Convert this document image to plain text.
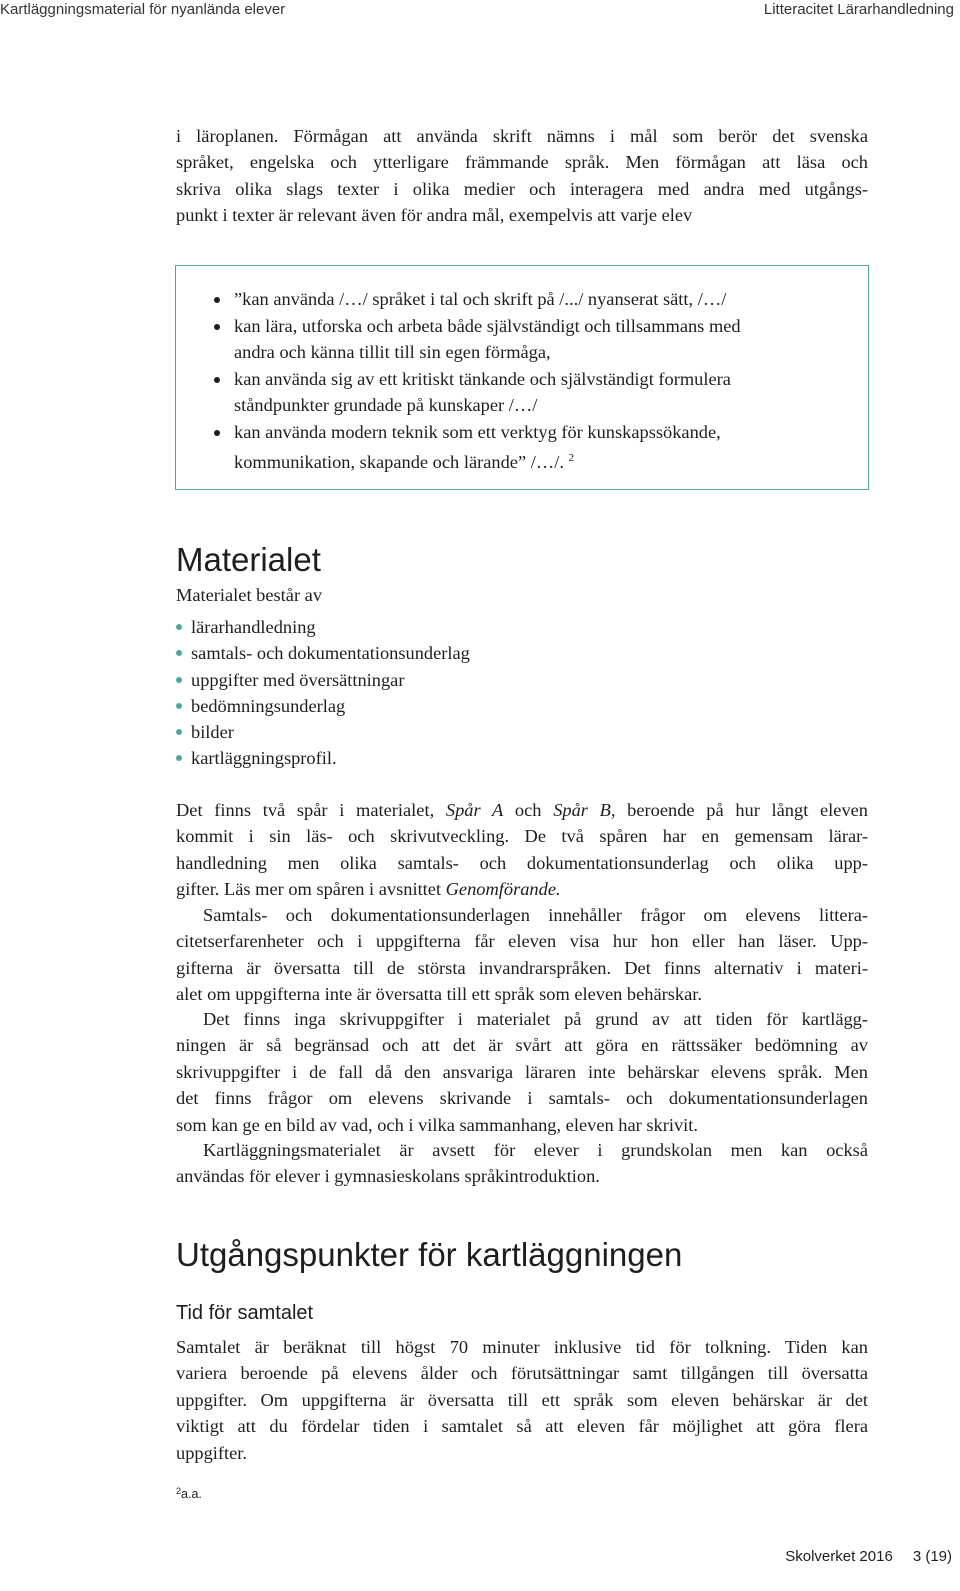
Kartläggningsmaterial för nyanlända elever	Litteracitet Lärarhandledning
i läroplanen. Förmågan att använda skrift nämns i mål som berör det svenska
språket, engelska och ytterligare främmande språk. Men förmågan att läsa och
skriva olika slags texter i olika medier och interagera med andra med utgångs-
punkt i texter är relevant även för andra mål, exempelvis att varje elev
”kan använda /…/ språket i tal och skrift på /.../ nyanserat sätt, /…/
kan lära, utforska och arbeta både självständigt och tillsammans med
andra och känna tillit till sin egen förmåga,
kan använda sig av ett kritiskt tänkande och självständigt formulera
ståndpunkter grundade på kunskaper /…/
kan använda modern teknik som ett verktyg för kunskapssökande,
kommunikation, skapande och lärande” /…/. $^2$
Materialet
Materialet består av
lärarhandledning
samtals- och dokumentationsunderlag
uppgifter med översättningar
bedömningsunderlag
bilder
kartläggningsprofil.
Det finns två spår i materialet, Spår A och Spår B, beroende på hur långt eleven
kommit i sin läs- och skrivutveckling. De två spåren har en gemensam lärar-
handledning men olika samtals- och dokumentationsunderlag och olika upp-
gifter. Läs mer om spåren i avsnittet Genomförande.
Samtals- och dokumentationsunderlagen innehåller frågor om elevens littera-
citetserfarenheter och i uppgifterna får eleven visa hur hon eller han läser. Upp-
gifterna är översatta till de största invandrarspråken. Det finns alternativ i materi-
alet om uppgifterna inte är översatta till ett språk som eleven behärskar.
Det finns inga skrivuppgifter i materialet på grund av att tiden för kartlägg-
ningen är så begränsad och att det är svårt att göra en rättssäker bedömning av
skrivuppgifter i de fall då den ansvariga läraren inte behärskar elevens språk. Men
det finns frågor om elevens skrivande i samtals- och dokumentationsunderlagen
som kan ge en bild av vad, och i vilka sammanhang, eleven har skrivit.
Kartläggningsmaterialet är avsett för elever i grundskolan men kan också
användas för elever i gymnasieskolans språkintroduktion.
Utgångspunkter för kartläggningen
Tid för samtalet
Samtalet är beräknat till högst 70 minuter inklusive tid för tolkning. Tiden kan
variera beroende på elevens ålder och förutsättningar samt tillgången till översatta
uppgifter. Om uppgifterna är översatta till ett språk som eleven behärskar är det
viktigt att du fördelar tiden i samtalet så att eleven får möjlighet att göra flera
uppgifter.
$^2$a.a.
Skolverket 2016 3 (19)
